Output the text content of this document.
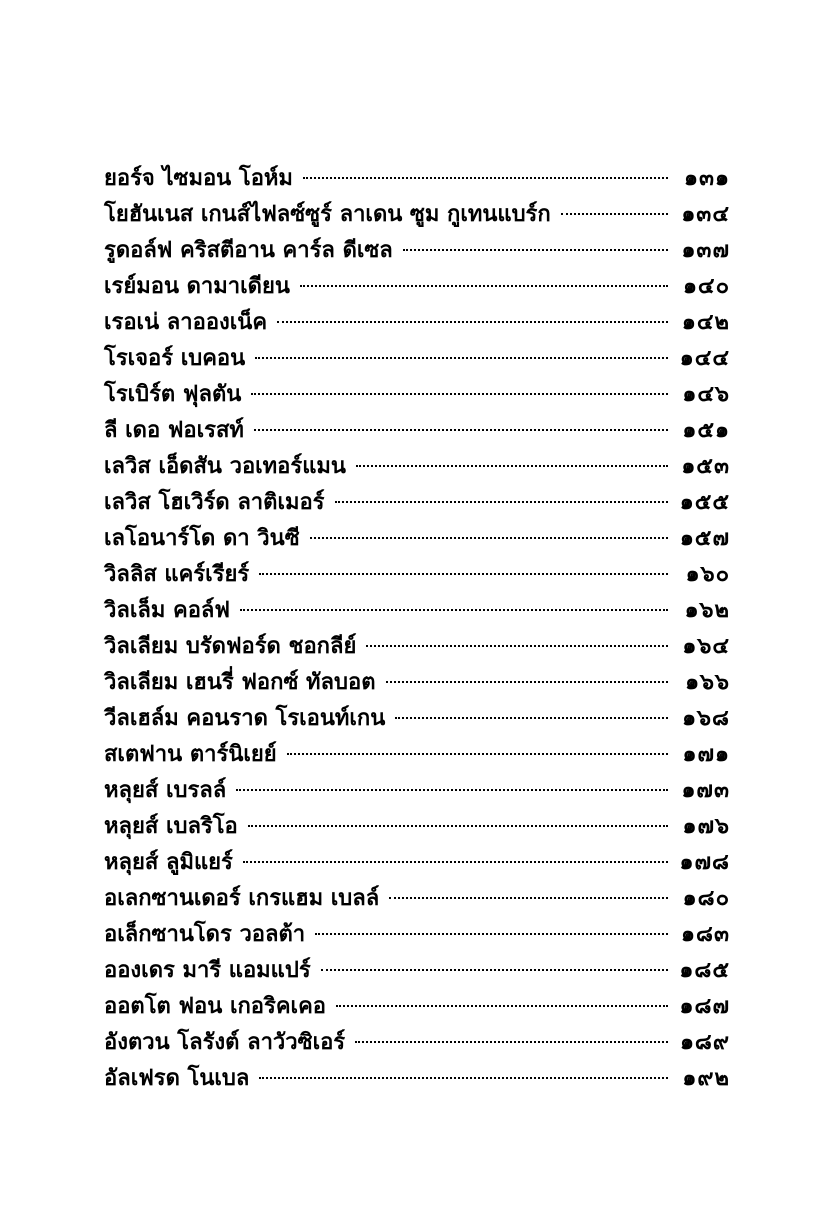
ยอร์จ ไซมอน โอห์ม	๑๓๑
โยฮันเนส เกนส์ไฟลซ์ซูร์ ลาเดน ซูม กูเทนแบร์ก	๑๓๔
รูดอล์ฟ คริสตีอาน คาร์ล ดีเซล	๑๓๗
เรย์มอน ดามาเดียน	๑๔๐
เรอเน่ ลาอองเน็ค	๑๔๒
โรเจอร์ เบคอน	๑๔๔
โรเบิร์ต ฟุลตัน	๑๔๖
ลี เดอ ฟอเรสท์	๑๕๑
เลวิส เอ็ดสัน วอเทอร์แมน	๑๕๓
เลวิส โฮเวิร์ด ลาติเมอร์	๑๕๕
เลโอนาร์โด ดา วินซี	๑๕๗
วิลลิส แคร์เรียร์	๑๖๐
วิลเล็ม คอล์ฟ	๑๖๒
วิลเลียม บรัดฟอร์ด ชอกลีย์	๑๖๔
วิลเลียม เฮนรี่ ฟอกซ์ ทัลบอต	๑๖๖
วีลเฮล์ม คอนราด โรเอนท์เกน	๑๖๘
สเตฟาน ตาร์นิเยย์	๑๗๑
หลุยส์ เบรลล์	๑๗๓
หลุยส์ เบลริโอ	๑๗๖
หลุยส์ ลูมิแยร์	๑๗๘
อเลกซานเดอร์ เกรแฮม เบลล์	๑๘๐
อเล็กซานโดร วอลต้า	๑๘๓
อองเดร มารี แอมแปร์	๑๘๕
ออตโต ฟอน เกอริคเคอ	๑๘๗
อังตวน โลรังต์ ลาวัวซิเอร์	๑๘๙
อัลเฟรด โนเบล	๑๙๒
